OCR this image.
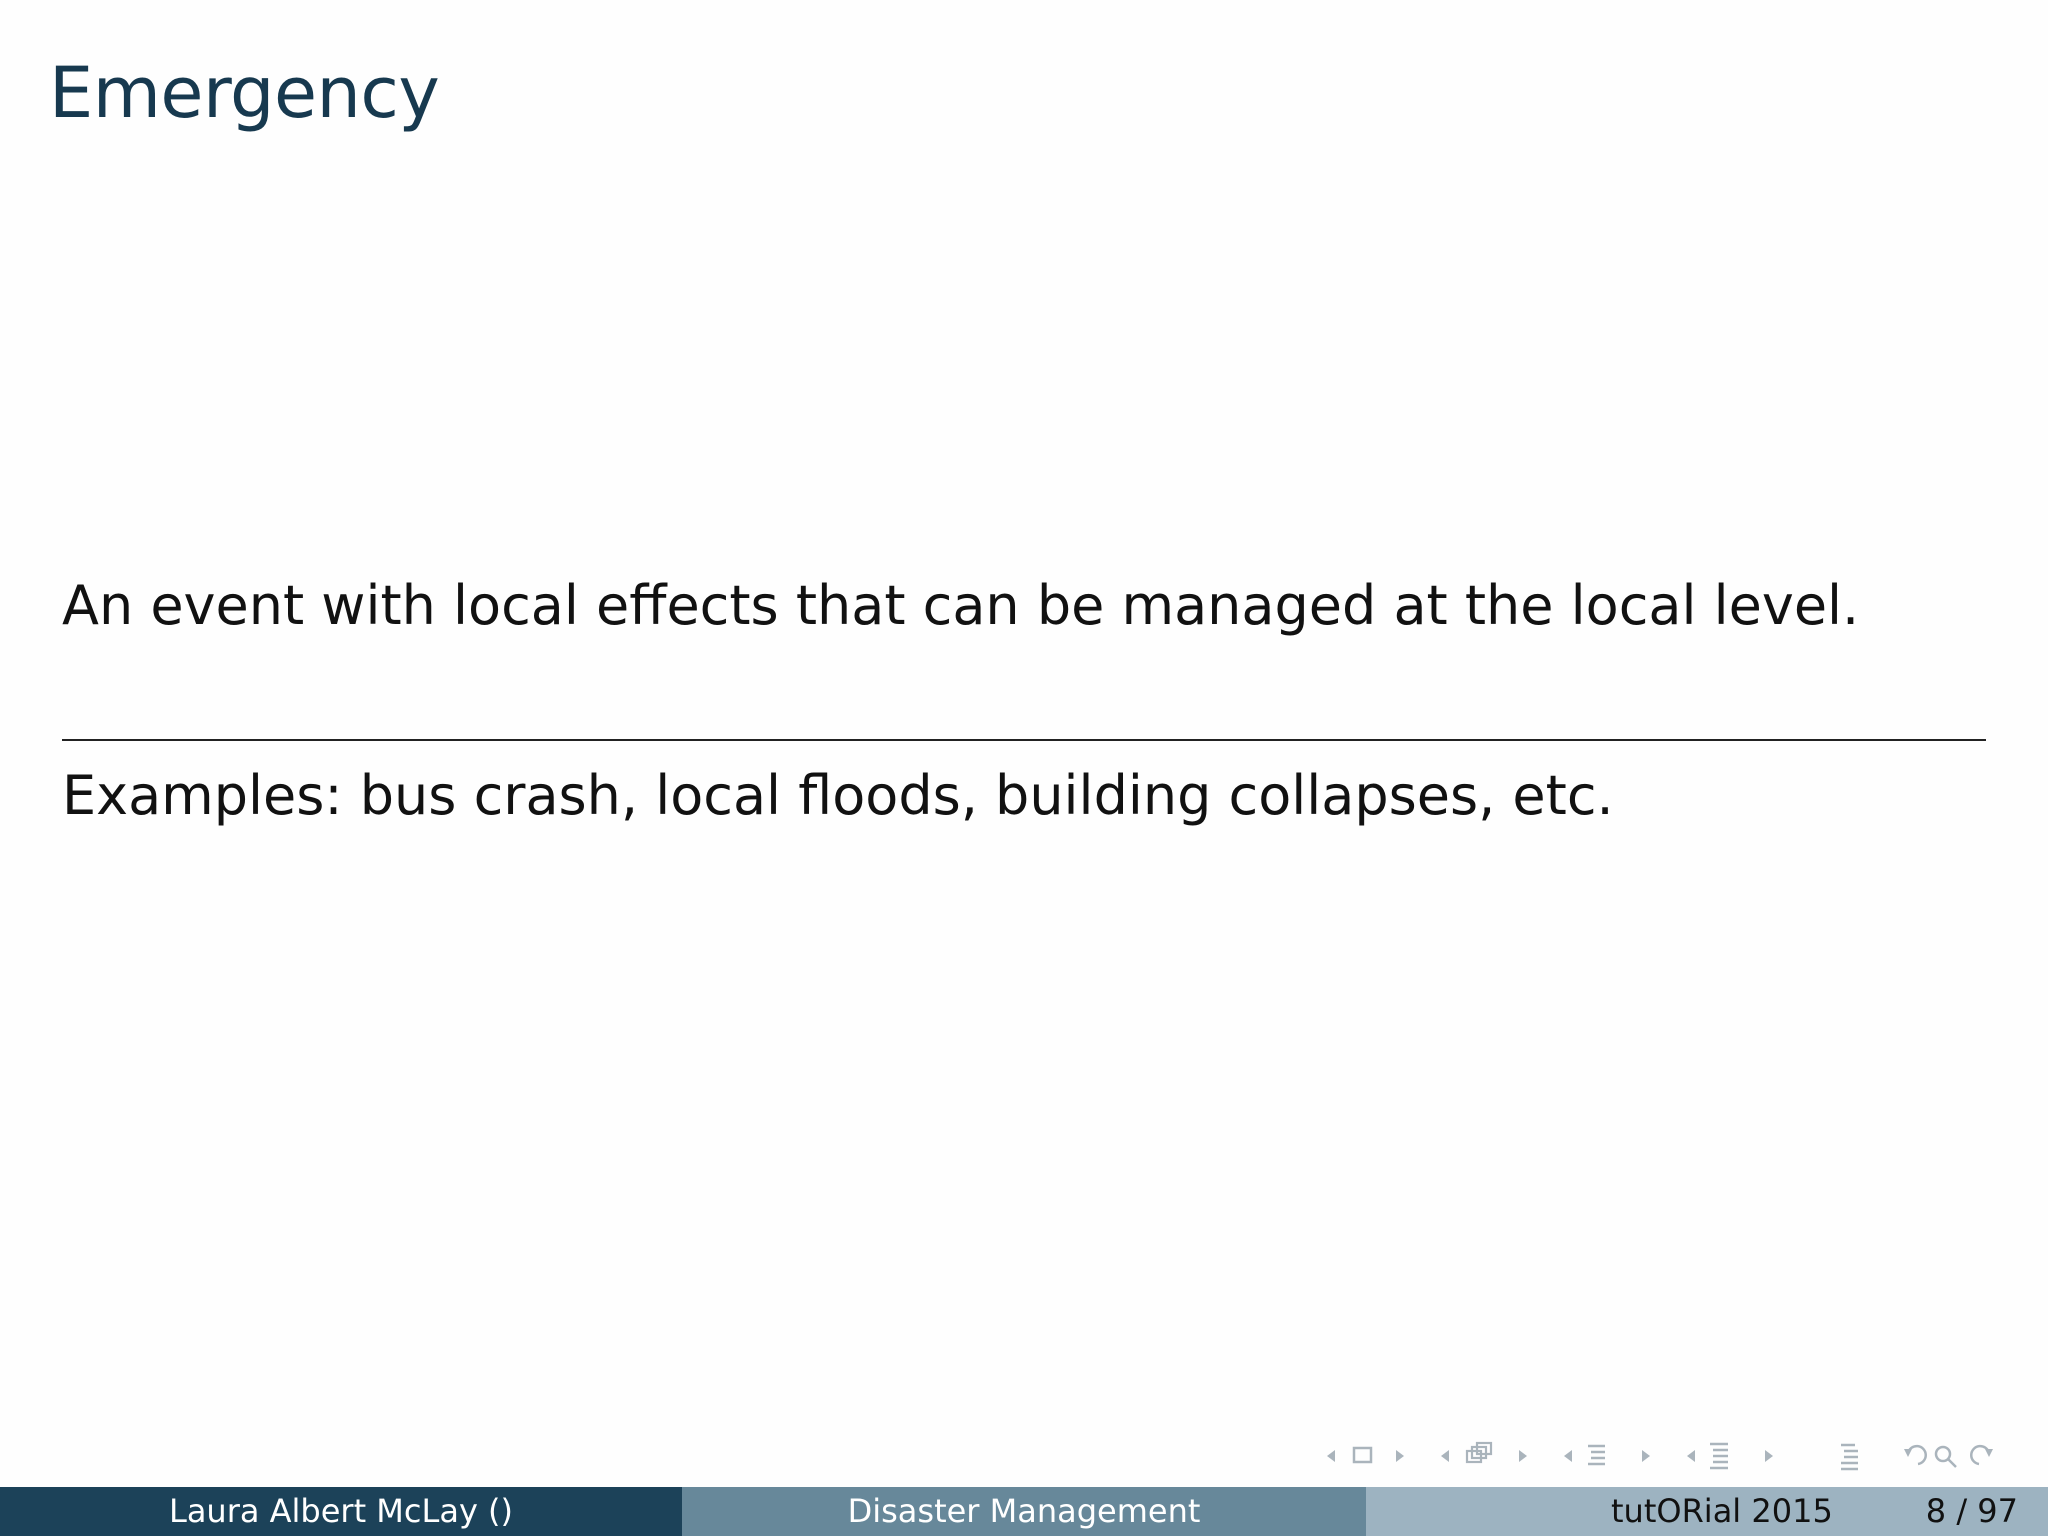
Emergency

An event with local effects that can be managed at the local level.

Examples: bus crash, local floods, building collapses, etc.

Laura Albert McLay ()	Disaster Management	tutORial 2015	8 / 97
